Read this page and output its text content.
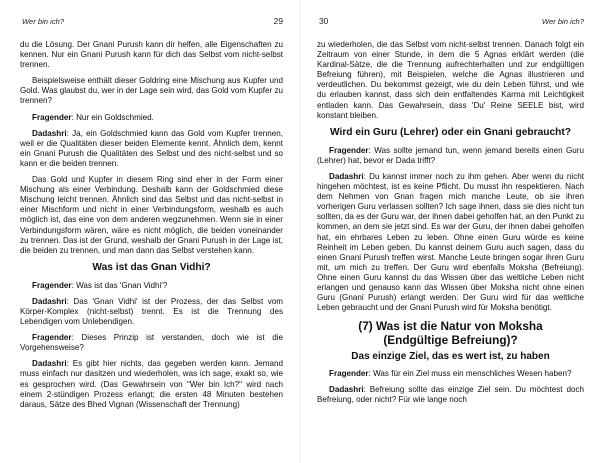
Wer bin ich?	29

du die Lösung. Der Gnani Purush kann dir helfen, alle Eigenschaften zu kennen. Nur ein Gnani Purush kann für dich das Selbst vom nicht-selbst trennen.

Beispielsweise enthält dieser Goldring eine Mischung aus Kupfer und Gold. Was glaubst du, wer in der Lage sein wird, das Gold vom Kupfer zu trennen?

Fragender: Nur ein Goldschmied.

Dadashri: Ja, ein Goldschmied kann das Gold vom Kupfer trennen, weil er die Qualitäten dieser beiden Elemente kennt. Ähnlich dem, kennt ein Gnani Purush die Qualitäten des Selbst und des nicht-selbst und so kann er die beiden trennen.

Das Gold und Kupfer in diesem Ring sind eher in der Form einer Mischung als einer Verbindung. Deshalb kann der Goldschmied diese Mischung leicht trennen. Ähnlich sind das Selbst und das nicht-selbst in einer Mischform und nicht in einer Verbindungsform, weshalb es auch möglich ist, das eine von dem anderen wegzunehmen. Wenn sie in einer Verbindungsform wären, wäre es nicht möglich, die beiden voneinander zu trennen. Das ist der Grund, weshalb der Gnani Purush in der Lage ist, die beiden zu trennen, und man dann das Selbst verstehen kann.

Was ist das Gnan Vidhi?

Fragender: Was ist das 'Gnan Vidhi'?

Dadashri: Das 'Gnan Vidhi' ist der Prozess, der das Selbst vom Körper-Komplex (nicht-selbst) trennt. Es ist die Trennung des Lebendigen vom Unlebendigen.

Fragender: Dieses Prinzip ist verstanden, doch wie ist die Vorgehensweise?

Dadashri: Es gibt hier nichts, das gegeben werden kann. Jemand muss einfach nur dasitzen und wiederholen, was ich sage, exakt so, wie es gesprochen wird. (Das Gewahrsein von "Wer bin Ich?" wird nach einem 2-stündigen Prozess erlangt; die ersten 48 Minuten bestehen daraus, Sätze des Bhed Vignan (Wissenschaft der Trennung)

30	Wer bin ich?

zu wiederholen, die das Selbst vom nicht-selbst trennen. Danach folgt ein Zeitraum von einer Stunde, in dem die 5 Agnas erklärt werden (die Kardinal-Sätze, die die Trennung aufrechterhalten und zur endgültigen Befreiung führen), mit Beispielen, welche die Agnas illustrieren und verdeutlichen. Du bekommst gezeigt, wie du dein Leben führst, und wie du erlauben kannst, dass sich dein entfaltendes Karma mit Leichtigkeit entladen kann. Das Gewahrsein, dass 'Du' Reine SEELE bist, wird konstant bleiben.

Wird ein Guru (Lehrer) oder ein Gnani gebraucht?

Fragender: Was sollte jemand tun, wenn jemand bereits einen Guru (Lehrer) hat, bevor er Dada trifft?

Dadashri: Du kannst immer noch zu ihm gehen. Aber wenn du nicht hingehen möchtest, ist es keine Pflicht. Du musst ihn respektieren. Nach dem Nehmen von Gnan fragen mich manche Leute, ob sie ihren vorherigen Guru verlassen sollten? Ich sage ihnen, dass sie dies nicht tun sollten, da es der Guru war, der ihnen dabei geholfen hat, an den Punkt zu kommen, an dem sie jetzt sind. Es war der Guru, der ihnen dabei geholfen hat, ein ehrbares Leben zu leben. Ohne einen Guru würde es keine Reinheit im Leben geben. Du kannst deinem Guru auch sagen, dass du einen Gnani Purush treffen wirst. Manche Leute bringen sogar ihren Guru mit, um mich zu treffen. Der Guru wird ebenfalls Moksha (Befreiung). Ohne einen Guru kannst du das Wissen über das weltliche Leben nicht erlangen und genauso kann das Wissen über Moksha nicht ohne einen Guru (Gnani Purush) erlangt werden. Der Guru wird für das weltliche Leben gebraucht und der Gnani Purush wird für Moksha benötigt.

(7) Was ist die Natur von Moksha
(Endgültige Befreiung)?
Das einzige Ziel, das es wert ist, zu haben

Fragender: Was für ein Ziel muss ein menschliches Wesen haben?

Dadashri: Befreiung sollte das einzige Ziel sein. Du möchtest doch Befreiung, oder nicht? Für wie lange noch
